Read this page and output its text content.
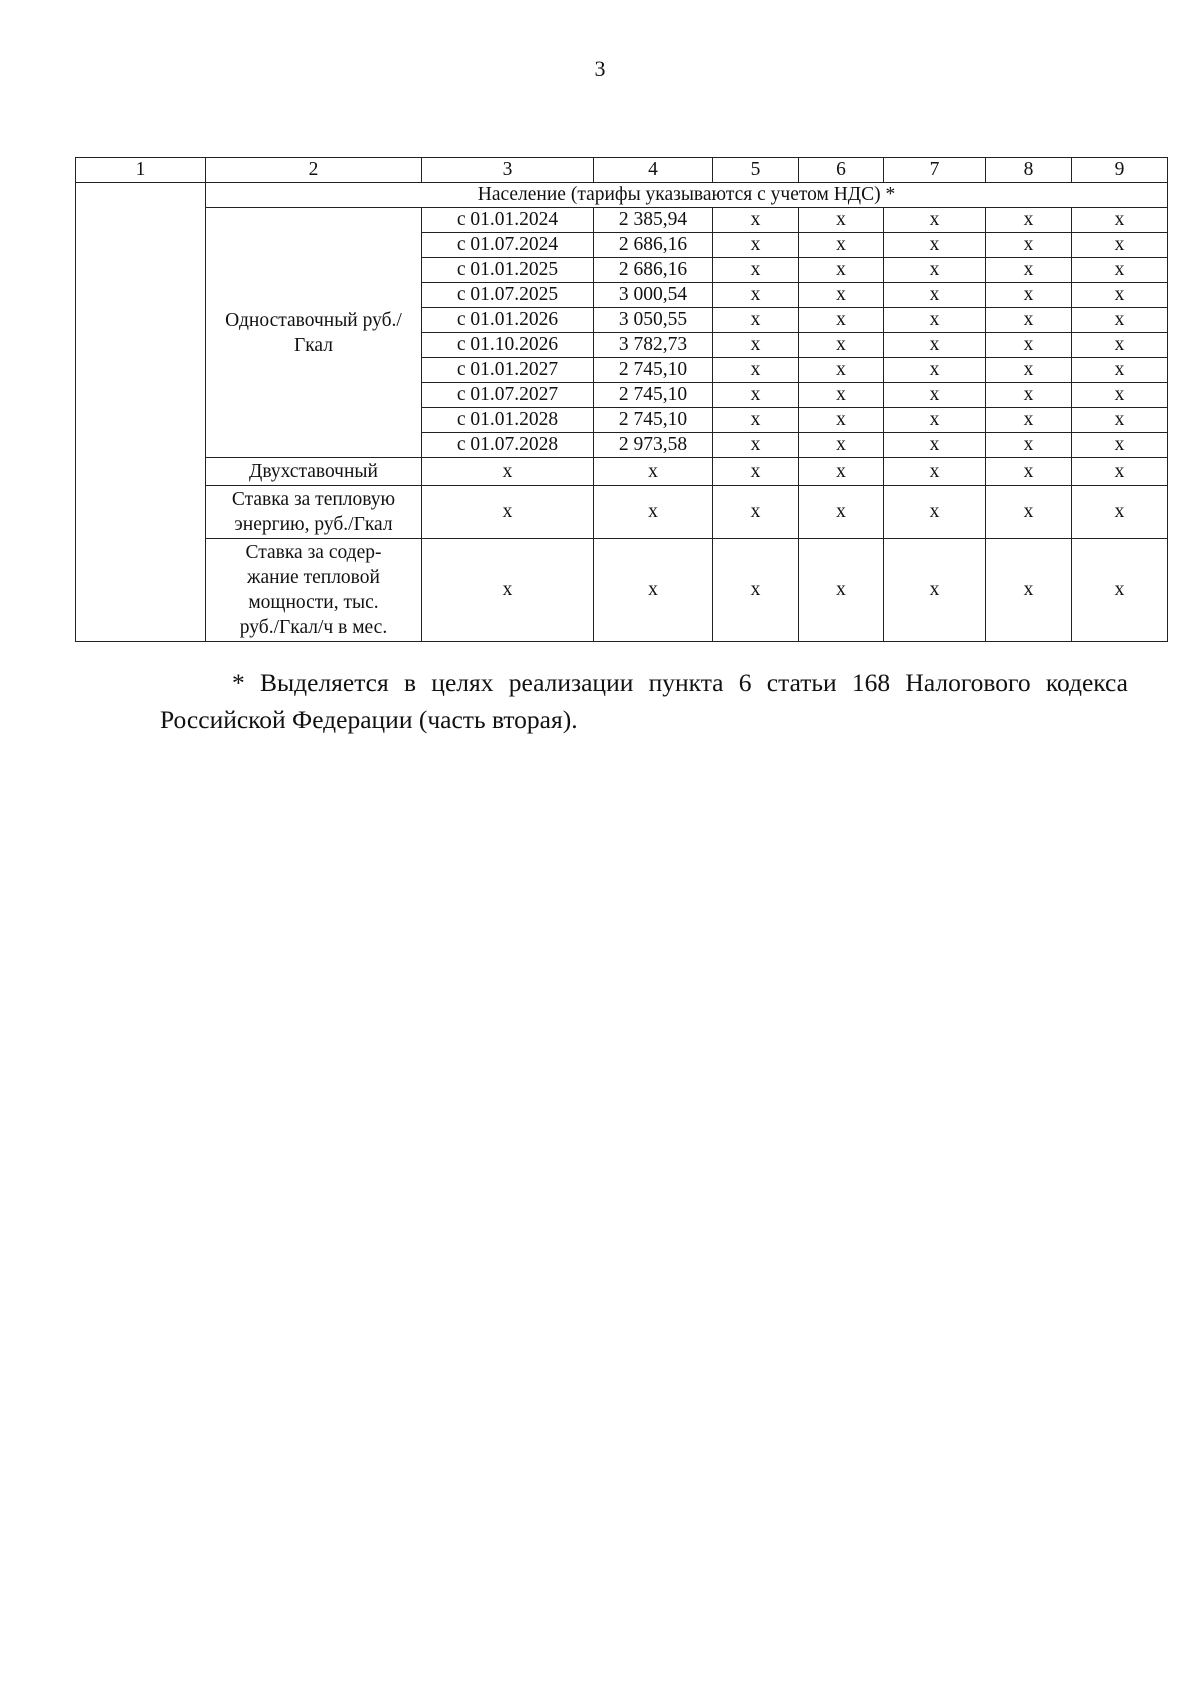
3
1	2	3	4	5	6	7	8	9
	Население (тарифы указываются с учетом НДС) *							
	Одноставочный руб./Гкал	с 01.01.2024	2 385,94	x	x	x	x	x
		с 01.07.2024	2 686,16	x	x	x	x	x
		с 01.01.2025	2 686,16	x	x	x	x	x
		с 01.07.2025	3 000,54	x	x	x	x	x
		с 01.01.2026	3 050,55	x	x	x	x	x
		с 01.10.2026	3 782,73	x	x	x	x	x
		с 01.01.2027	2 745,10	x	x	x	x	x
		с 01.07.2027	2 745,10	x	x	x	x	x
		с 01.01.2028	2 745,10	x	x	x	x	x
		с 01.07.2028	2 973,58	x	x	x	x	x
	Двухставочный	x	x	x	x	x	x	x
	Ставка за тепловую энергию, руб./Гкал	x	x	x	x	x	x	x
	Ставка за содер-жание тепловой мощности, тыс. руб./Гкал/ч в мес.	x	x	x	x	x	x	x
* Выделяется в целях реализации пункта 6 статьи 168 Налогового кодекса Российской Федерации (часть вторая).
